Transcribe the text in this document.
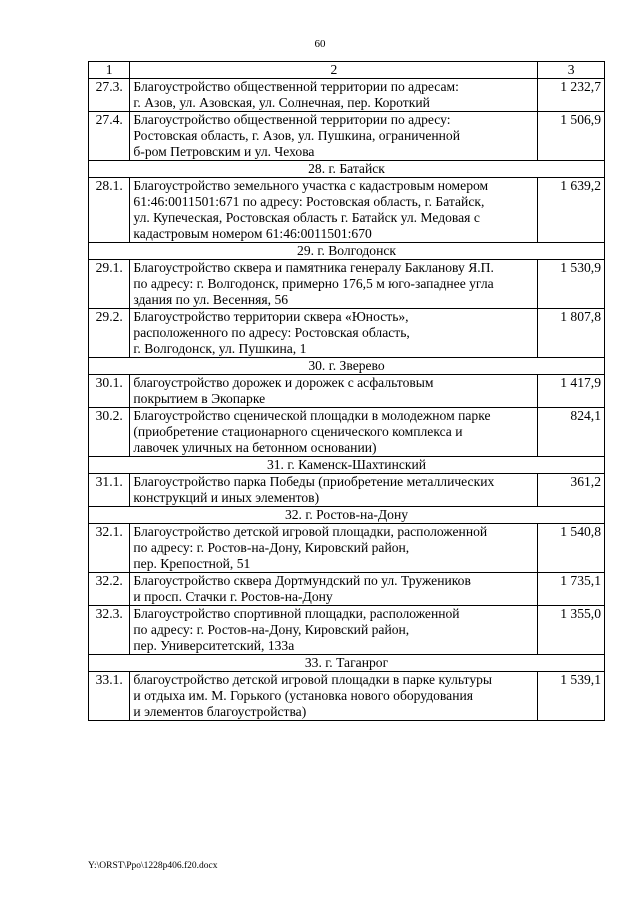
60
1	2	3
27.3.	Благоустройство общественной территории по адресам:
г. Азов, ул. Азовская, ул. Солнечная, пер. Короткий	1 232,7
27.4.	Благоустройство общественной территории по адресу:
Ростовская область, г. Азов, ул. Пушкина, ограниченной
б-ром Петровским и ул. Чехова	1 506,9
28. г. Батайск		
28.1.	Благоустройство земельного участка с кадастровым номером
61:46:0011501:671 по адресу: Ростовская область, г. Батайск,
ул. Купеческая, Ростовская область г. Батайск ул. Медовая с
кадастровым номером 61:46:0011501:670	1 639,2
29. г. Волгодонск		
29.1.	Благоустройство сквера и памятника генералу Бакланову Я.П.
по адресу: г. Волгодонск, примерно 176,5 м юго-западнее угла
здания по ул. Весенняя, 56	1 530,9
29.2.	Благоустройство территории сквера «Юность»,
расположенного по адресу: Ростовская область,
г. Волгодонск, ул. Пушкина, 1	1 807,8
30. г. Зверево		
30.1.	благоустройство дорожек и дорожек с асфальтовым
покрытием в Экопарке	1 417,9
30.2.	Благоустройство сценической площадки в молодежном парке
(приобретение стационарного сценического комплекса и
лавочек уличных на бетонном основании)	824,1
31. г. Каменск-Шахтинский		
31.1.	Благоустройство парка Победы (приобретение металлических
конструкций и иных элементов)	361,2
32. г. Ростов-на-Дону		
32.1.	Благоустройство детской игровой площадки, расположенной
по адресу: г. Ростов-на-Дону, Кировский район,
пер. Крепостной, 51	1 540,8
32.2.	Благоустройство сквера Дортмундский по ул. Тружеников
и просп. Стачки г. Ростов-на-Дону	1 735,1
32.3.	Благоустройство спортивной площадки, расположенной
по адресу: г. Ростов-на-Дону, Кировский район,
пер. Университетский, 133а	1 355,0
33. г. Таганрог		
33.1.	благоустройство детской игровой площадки в парке культуры
и отдыха им. М. Горького (установка нового оборудования
и элементов благоустройства)	1 539,1
Y:\ORST\Ppo\1228p406.f20.docx
